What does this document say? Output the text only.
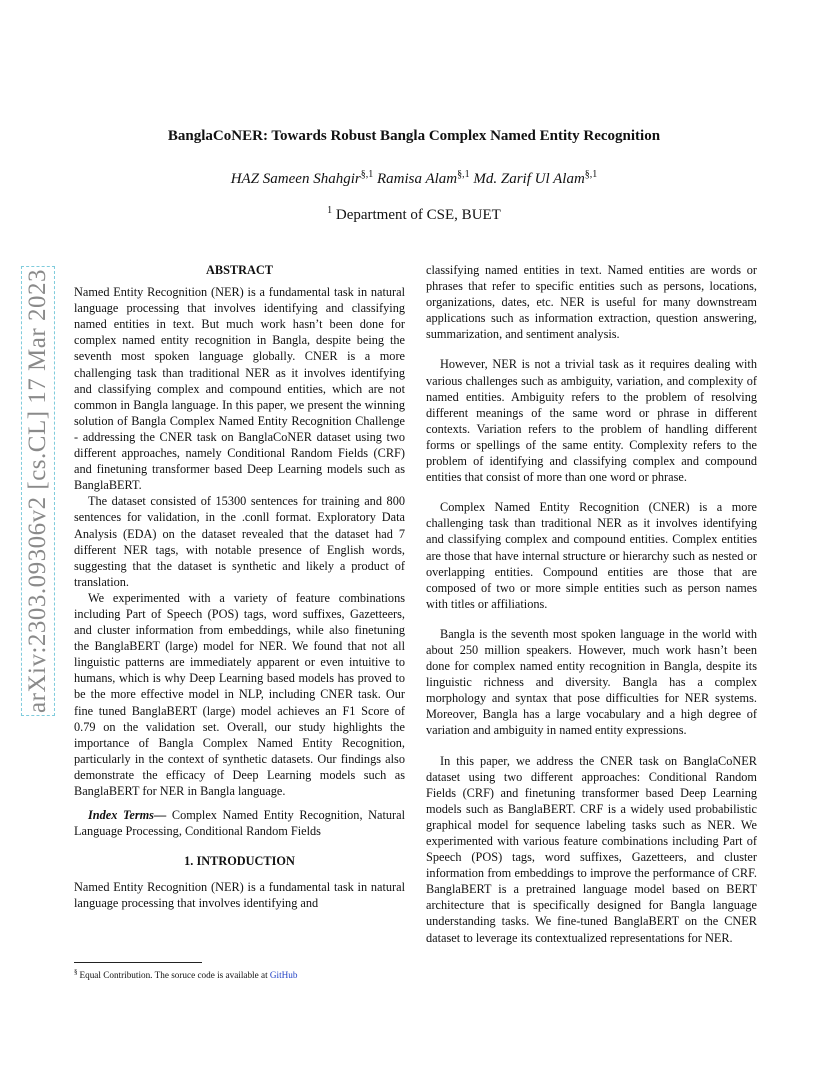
arXiv:2303.09306v2 [cs.CL] 17 Mar 2023
BanglaCoNER: Towards Robust Bangla Complex Named Entity Recognition
HAZ Sameen Shahgir$^{\S,1}$ Ramisa Alam$^{\S,1}$ Md. Zarif Ul Alam$^{\S,1}$
$^1$ Department of CSE, BUET
ABSTRACT

Named Entity Recognition (NER) is a fundamental task in natural language processing that involves identifying and classifying named entities in text. But much work hasn’t been done for complex named entity recognition in Bangla, despite being the seventh most spoken language globally. CNER is a more challenging task than traditional NER as it involves identifying and classifying complex and compound entities, which are not common in Bangla language. In this paper, we present the winning solution of Bangla Complex Named Entity Recognition Challenge - addressing the CNER task on BanglaCoNER dataset using two different approaches, namely Conditional Random Fields (CRF) and finetuning transformer based Deep Learning models such as BanglaBERT.

The dataset consisted of 15300 sentences for training and 800 sentences for validation, in the .conll format. Exploratory Data Analysis (EDA) on the dataset revealed that the dataset had 7 different NER tags, with notable presence of English words, suggesting that the dataset is synthetic and likely a product of translation.

We experimented with a variety of feature combinations including Part of Speech (POS) tags, word suffixes, Gazetteers, and cluster information from embeddings, while also finetuning the BanglaBERT (large) model for NER. We found that not all linguistic patterns are immediately apparent or even intuitive to humans, which is why Deep Learning based models has proved to be the more effective model in NLP, including CNER task. Our fine tuned BanglaBERT (large) model achieves an F1 Score of 0.79 on the validation set. Overall, our study highlights the importance of Bangla Complex Named Entity Recognition, particularly in the context of synthetic datasets. Our findings also demonstrate the efficacy of Deep Learning models such as BanglaBERT for NER in Bangla language.

Index Terms— Complex Named Entity Recognition, Natural Language Processing, Conditional Random Fields

1. INTRODUCTION

Named Entity Recognition (NER) is a fundamental task in natural language processing that involves identifying and

classifying named entities in text. Named entities are words or phrases that refer to specific entities such as persons, locations, organizations, dates, etc. NER is useful for many downstream applications such as information extraction, question answering, summarization, and sentiment analysis.

However, NER is not a trivial task as it requires dealing with various challenges such as ambiguity, variation, and complexity of named entities. Ambiguity refers to the problem of resolving different meanings of the same word or phrase in different contexts. Variation refers to the problem of handling different forms or spellings of the same entity. Complexity refers to the problem of identifying and classifying complex and compound entities that consist of more than one word or phrase.

Complex Named Entity Recognition (CNER) is a more challenging task than traditional NER as it involves identifying and classifying complex and compound entities. Complex entities are those that have internal structure or hierarchy such as nested or overlapping entities. Compound entities are those that are composed of two or more simple entities such as person names with titles or affiliations.

Bangla is the seventh most spoken language in the world with about 250 million speakers. However, much work hasn’t been done for complex named entity recognition in Bangla, despite its linguistic richness and diversity. Bangla has a complex morphology and syntax that pose difficulties for NER systems. Moreover, Bangla has a large vocabulary and a high degree of variation and ambiguity in named entity expressions.

In this paper, we address the CNER task on BanglaCoNER dataset using two different approaches: Conditional Random Fields (CRF) and finetuning transformer based Deep Learning models such as BanglaBERT. CRF is a widely used probabilistic graphical model for sequence labeling tasks such as NER. We experimented with various feature combinations including Part of Speech (POS) tags, word suffixes, Gazetteers, and cluster information from embeddings to improve the performance of CRF. BanglaBERT is a pretrained language model based on BERT architecture that is specifically designed for Bangla language understanding tasks. We fine-tuned BanglaBERT on the CNER dataset to leverage its contextualized representations for NER.

§ Equal Contribution. The soruce code is available at GitHub
